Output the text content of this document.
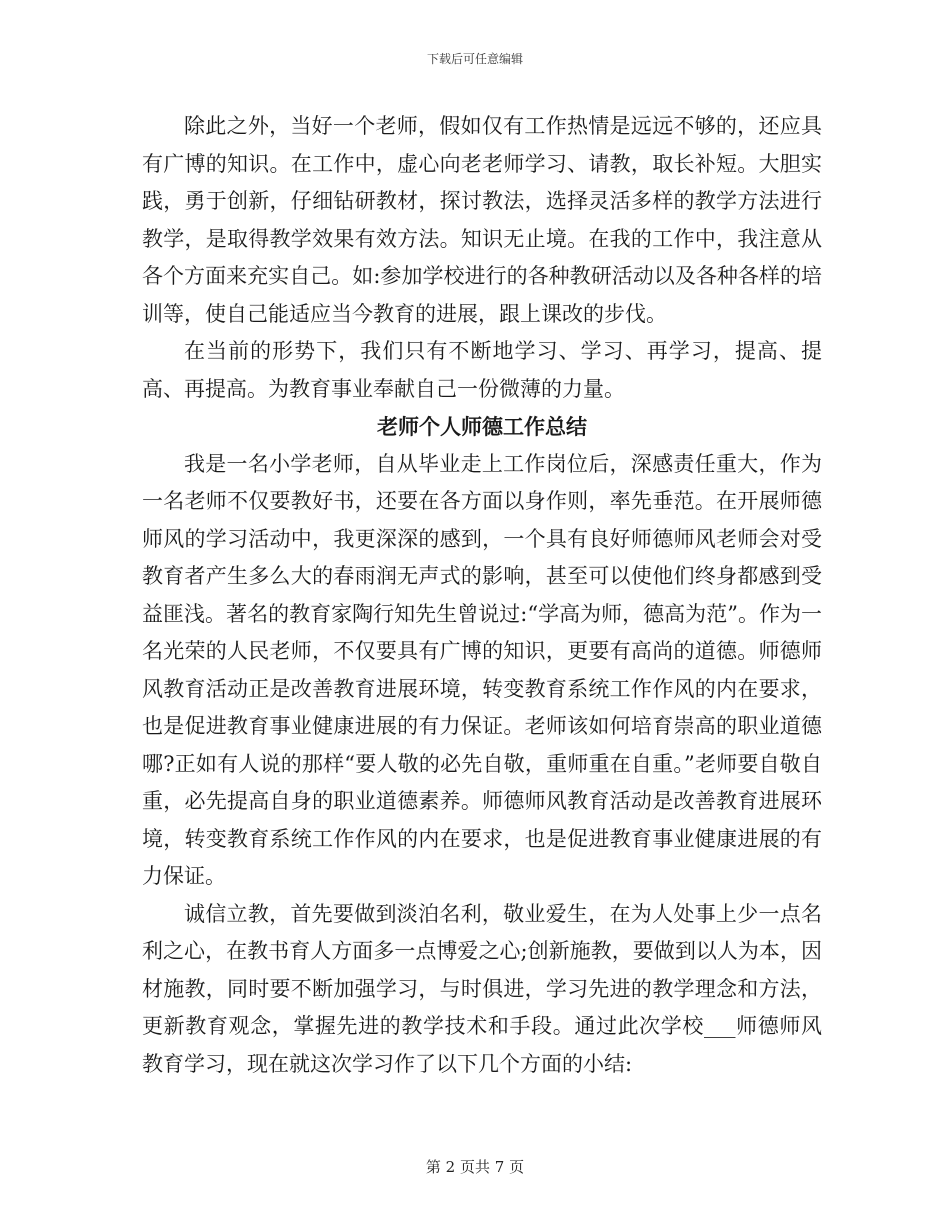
下载后可任意编辑

除此之外，当好一个老师，假如仅有工作热情是远远不够的，还应具有广博的知识。在工作中，虚心向老老师学习、请教，取长补短。大胆实践，勇于创新，仔细钻研教材，探讨教法，选择灵活多样的教学方法进行教学，是取得教学效果有效方法。知识无止境。在我的工作中，我注意从各个方面来充实自己。如:参加学校进行的各种教研活动以及各种各样的培训等，使自己能适应当今教育的进展，跟上课改的步伐。

在当前的形势下，我们只有不断地学习、学习、再学习，提高、提高、再提高。为教育事业奉献自己一份微薄的力量。

老师个人师德工作总结

我是一名小学老师，自从毕业走上工作岗位后，深感责任重大，作为一名老师不仅要教好书，还要在各方面以身作则，率先垂范。在开展师德师风的学习活动中，我更深深的感到，一个具有良好师德师风老师会对受教育者产生多么大的春雨润无声式的影响，甚至可以使他们终身都感到受益匪浅。著名的教育家陶行知先生曾说过:“学高为师，德高为范”。作为一名光荣的人民老师，不仅要具有广博的知识，更要有高尚的道德。师德师风教育活动正是改善教育进展环境，转变教育系统工作作风的内在要求，也是促进教育事业健康进展的有力保证。老师该如何培育崇高的职业道德哪?正如有人说的那样“要人敬的必先自敬，重师重在自重。”老师要自敬自重，必先提高自身的职业道德素养。师德师风教育活动是改善教育进展环境，转变教育系统工作作风的内在要求，也是促进教育事业健康进展的有力保证。

诚信立教，首先要做到淡泊名利，敬业爱生，在为人处事上少一点名利之心，在教书育人方面多一点博爱之心;创新施教，要做到以人为本，因材施教，同时要不断加强学习，与时俱进，学习先进的教学理念和方法，更新教育观念，掌握先进的教学技术和手段。通过此次学校___师德师风教育学习，现在就这次学习作了以下几个方面的小结:

第 2 页共 7 页
